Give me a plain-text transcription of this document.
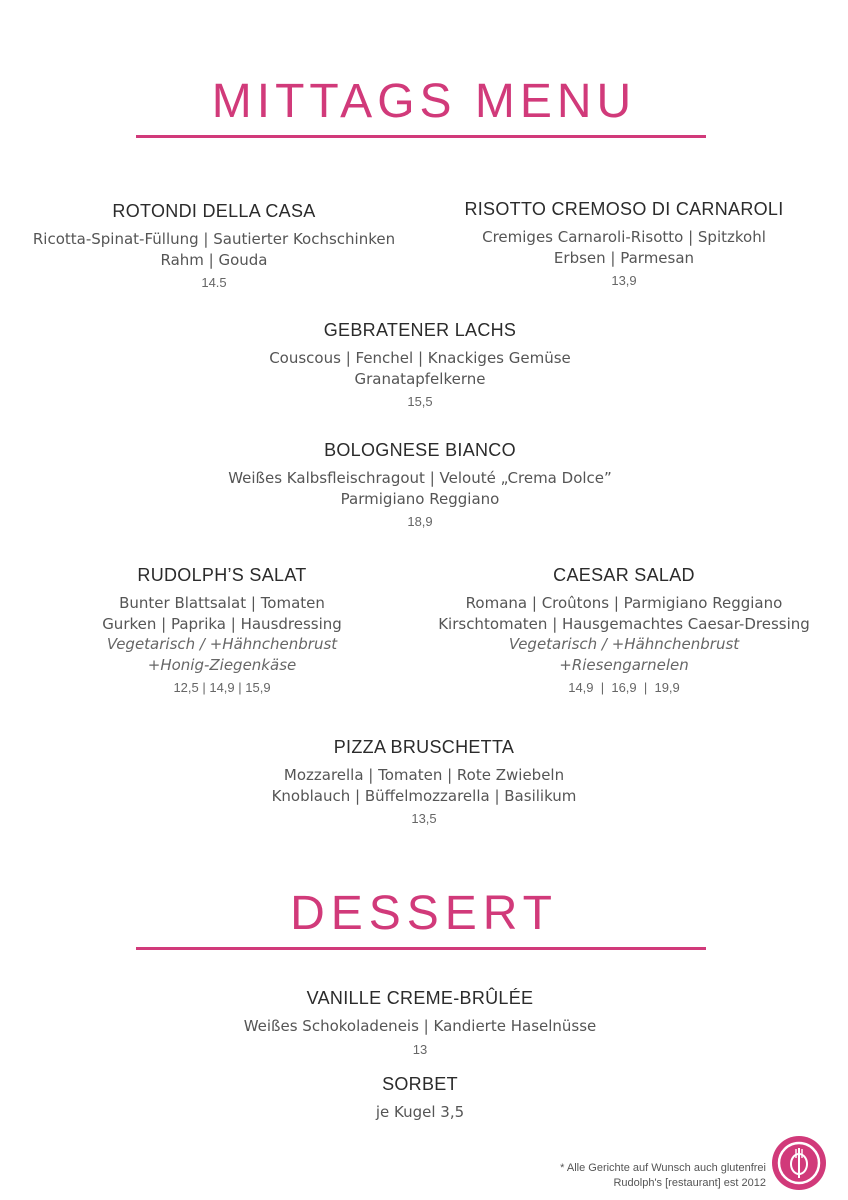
MITTAGS MENU
ROTONDI DELLA CASA
Ricotta-Spinat-Füllung | Sautierter Kochschinken
Rahm | Gouda
14.5
RISOTTO CREMOSO DI CARNAROLI
Cremiges Carnaroli-Risotto | Spitzkohl
Erbsen | Parmesan
13,9
GEBRATENER LACHS
Couscous | Fenchel | Knackiges Gemüse
Granatapfelkerne
15,5
BOLOGNESE BIANCO
Weißes Kalbsfleischragout | Velouté „Crema Dolce”
Parmigiano Reggiano
18,9
RUDOLPH’S SALAT
Bunter Blattsalat | Tomaten
Gurken | Paprika | Hausdressing
Vegetarisch / +Hähnchenbrust
+Honig-Ziegenkäse
12,5 | 14,9 | 15,9
CAESAR SALAD
Romana | Croûtons | Parmigiano Reggiano
Kirschtomaten | Hausgemachtes Caesar-Dressing
Vegetarisch / +Hähnchenbrust
+Riesengarnelen
14,9  |  16,9  |  19,9
PIZZA BRUSCHETTA
Mozzarella | Tomaten | Rote Zwiebeln
Knoblauch | Büffelmozzarella | Basilikum
13,5
DESSERT
VANILLE CREME-BRÛLÉE
Weißes Schokoladeneis | Kandierte Haselnüsse
13
SORBET
je Kugel 3,5
* Alle Gerichte auf Wunsch auch glutenfrei
Rudolph's [restaurant] est 2012
